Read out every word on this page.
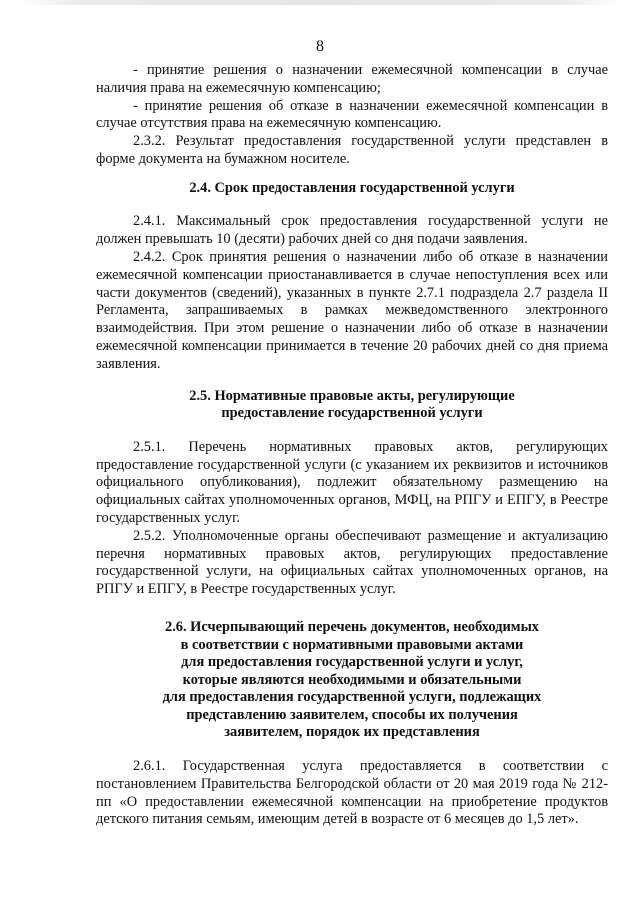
8

- принятие решения о назначении ежемесячной компенсации в случае наличия права на ежемесячную компенсацию;

- принятие решения об отказе в назначении ежемесячной компенсации в случае отсутствия права на ежемесячную компенсацию.

2.3.2. Результат предоставления государственной услуги представлен в форме документа на бумажном носителе.

2.4. Срок предоставления государственной услуги

2.4.1. Максимальный срок предоставления государственной услуги не должен превышать 10 (десяти) рабочих дней со дня подачи заявления.

2.4.2. Срок принятия решения о назначении либо об отказе в назначении ежемесячной компенсации приостанавливается в случае непоступления всех или части документов (сведений), указанных в пункте 2.7.1 подраздела 2.7 раздела II Регламента, запрашиваемых в рамках межведомственного электронного взаимодействия. При этом решение о назначении либо об отказе в назначении ежемесячной компенсации принимается в течение 20 рабочих дней со дня приема заявления.

2.5. Нормативные правовые акты, регулирующие
предоставление государственной услуги

2.5.1. Перечень нормативных правовых актов, регулирующих предоставление государственной услуги (с указанием их реквизитов и источников официального опубликования), подлежит обязательному размещению на официальных сайтах уполномоченных органов, МФЦ, на РПГУ и ЕПГУ, в Реестре государственных услуг.

2.5.2. Уполномоченные органы обеспечивают размещение и актуализацию перечня нормативных правовых актов, регулирующих предоставление государственной услуги, на официальных сайтах уполномоченных органов, на РПГУ и ЕПГУ, в Реестре государственных услуг.

2.6. Исчерпывающий перечень документов, необходимых
в соответствии с нормативными правовыми актами
для предоставления государственной услуги и услуг,
которые являются необходимыми и обязательными
для предоставления государственной услуги, подлежащих
представлению заявителем, способы их получения
заявителем, порядок их представления

2.6.1. Государственная услуга предоставляется в соответствии с постановлением Правительства Белгородской области от 20 мая 2019 года № 212-пп «О предоставлении ежемесячной компенсации на приобретение продуктов детского питания семьям, имеющим детей в возрасте от 6 месяцев до 1,5 лет».
